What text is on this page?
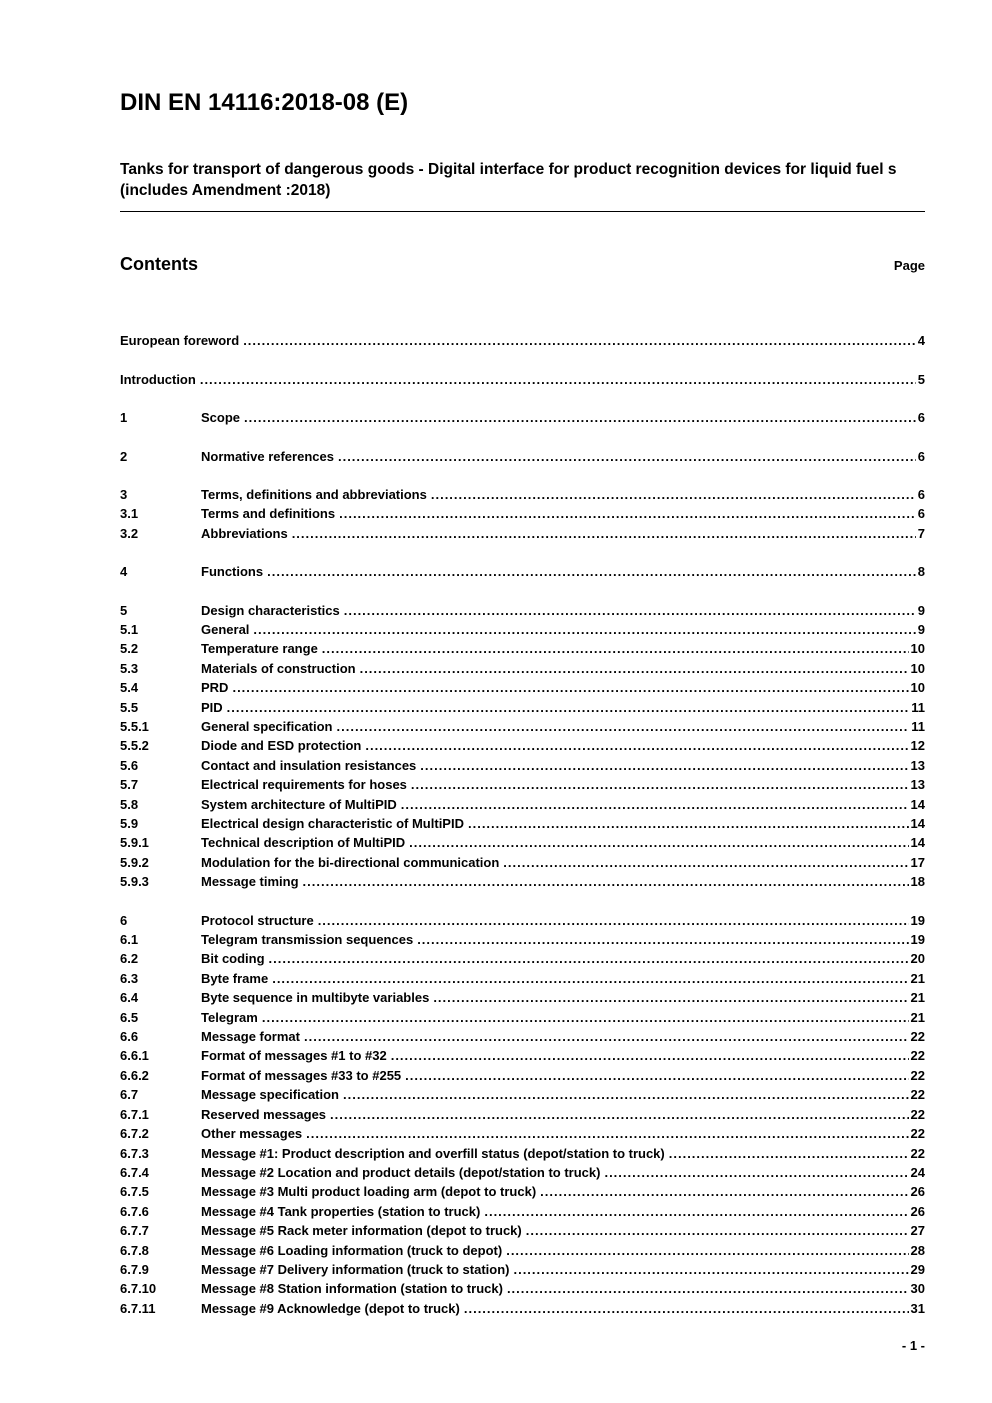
DIN EN 14116:2018-08 (E)

Tanks for transport of dangerous goods - Digital interface for product recognition devices for liquid fuel s (includes Amendment :2018)

Contents	Page
European foreword .....	4
Introduction .....	5
1	Scope .....	6
2	Normative references .....	6
3	Terms, definitions and abbreviations .....	6
3.1	Terms and definitions .....	6
3.2	Abbreviations .....	7
4	Functions .....	8
5	Design characteristics .....	9
5.1	General .....	9
5.2	Temperature range .....	10
5.3	Materials of construction .....	10
5.4	PRD .....	10
5.5	PID .....	11
5.5.1	General specification .....	11
5.5.2	Diode and ESD protection .....	12
5.6	Contact and insulation resistances .....	13
5.7	Electrical requirements for hoses .....	13
5.8	System architecture of MultiPID .....	14
5.9	Electrical design characteristic of MultiPID .....	14
5.9.1	Technical description of MultiPID .....	14
5.9.2	Modulation for the bi-directional communication .....	17
5.9.3	Message timing .....	18
6	Protocol structure .....	19
6.1	Telegram transmission sequences .....	19
6.2	Bit coding .....	20
6.3	Byte frame .....	21
6.4	Byte sequence in multibyte variables .....	21
6.5	Telegram .....	21
6.6	Message format .....	22
6.6.1	Format of messages #1 to #32 .....	22
6.6.2	Format of messages #33 to #255 .....	22
6.7	Message specification .....	22
6.7.1	Reserved messages .....	22
6.7.2	Other messages .....	22
6.7.3	Message #1: Product description and overfill status (depot/station to truck) .....	22
6.7.4	Message #2 Location and product details (depot/station to truck) .....	24
6.7.5	Message #3 Multi product loading arm (depot to truck) .....	26
6.7.6	Message #4 Tank properties (station to truck) .....	26
6.7.7	Message #5 Rack meter information (depot to truck) .....	27
6.7.8	Message #6 Loading information (truck to depot) .....	28
6.7.9	Message #7 Delivery information (truck to station) .....	29
6.7.10	Message #8 Station information (station to truck) .....	30
6.7.11	Message #9 Acknowledge (depot to truck) .....	31
- 1 -
